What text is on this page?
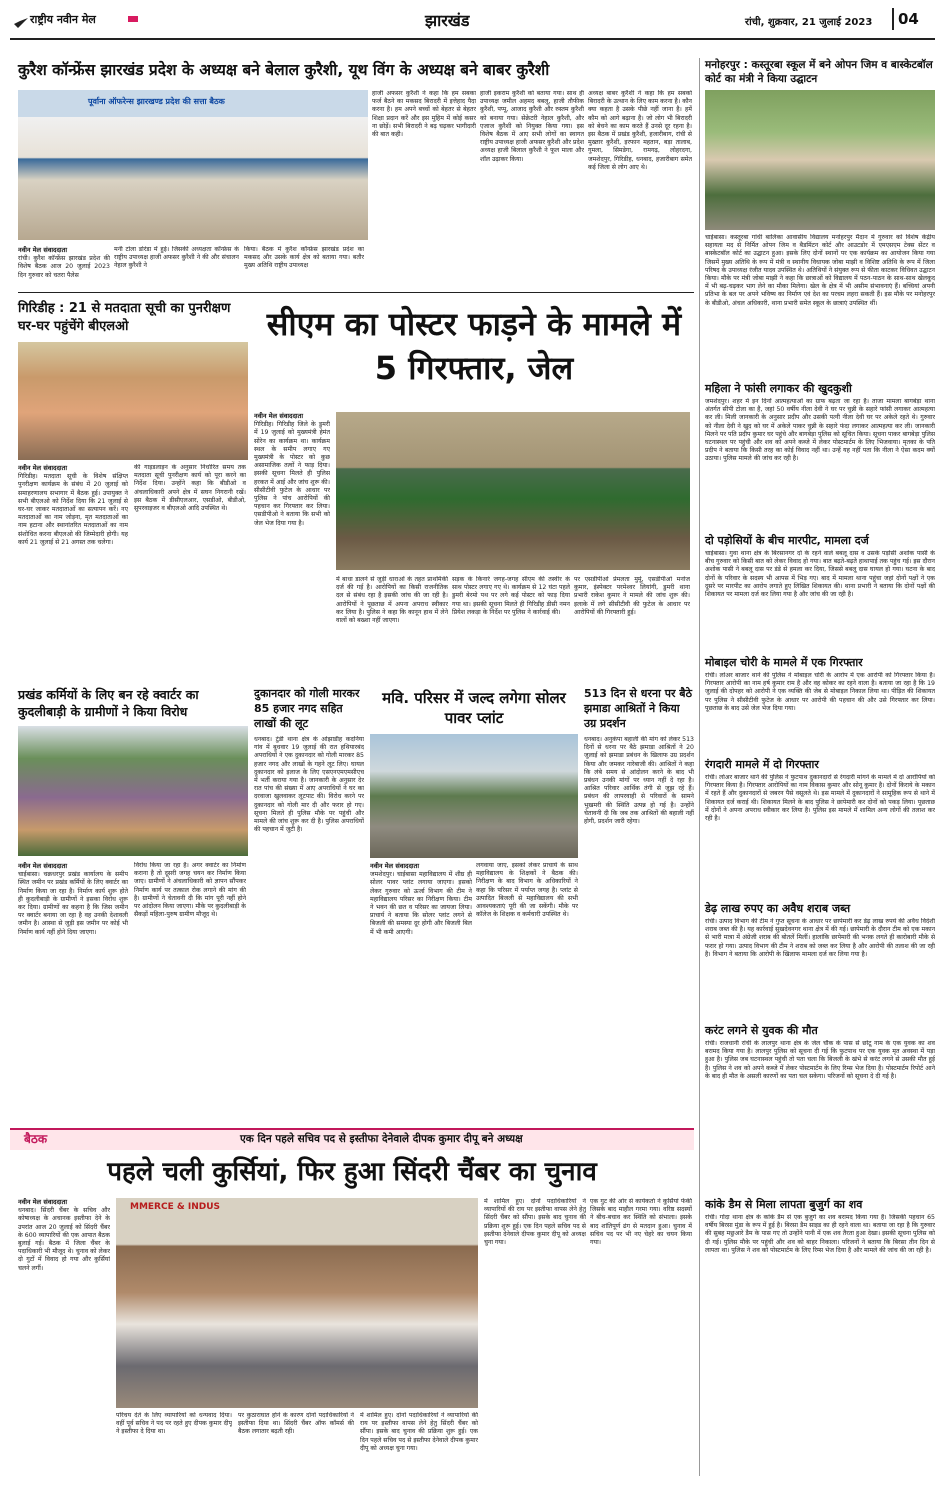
राष्ट्रीय नवीन मेल	झारखंड	रांची, शुक्रवार, 21 जुलाई 2023 04
कुरैश कॉन्फ्रेंस झारखंड प्रदेश के अध्यक्ष बने बेलाल कुरैशी, यूथ विंग के अध्यक्ष बने बाबर कुरैशी
पूर्वाना ऑफरेन्स झारखण्ड प्रदेश की सत्ता बैठक
नवीन मेल संवाददाता
रांची। कुरैश कॉन्फ्रेंस झारखंड प्रदेश की विशेष बैठक आज 20 जुलाई 2023 दिन गुरुवार को चतरा पैलेस
मनी टोला डोरंडा में हुई। जिसकी अध्यक्षता कॉन्फ्रेंस के राष्ट्रीय उपाध्यक्ष हाजी अफसर कुरैशी ने की और संचालन नेहाल कुरैशी ने
किया। बैठक में कुरैश कॉन्फ्रेंस झारखंड प्रदेश का मकसद और उसके कार्य क्षेत्र को बताया गया। बतौर मुख्य अतिथि राष्ट्रीय उपाध्यक्ष
हाजी अफसर कुरैशी ने कहा कि हम सबका फर्ज बैठने का मकसद बिरादरी में इत्तेहाद पैदा करना है। हम अपने बच्चों को बेहतर से बेहतर शिक्षा प्रदान करें और इस मुहिम में कोई कसर ना छोड़ें। सभी बिरादरी ने बढ़ चढ़कर भागीदारी की बात कही।
हाजी इकराम कुरैशी को बताया गया। साथ ही उपाध्यक्ष जमील अहमद बबलू, हाजी तौफीक कुरैशी, पप्पू, आजाद कुरैशी और रुस्तम कुरैशी को बनाया गया। सेक्रेटरी नेहाल कुरैशी, और एजाज कुरैशी को नियुक्त किया गया। इस विशेष बैठक में आए सभी लोगों का स्वागत राष्ट्रीय उपाध्यक्ष हाजी अफसर कुरैशी और प्रदेश अध्यक्ष हाजी बिलाल कुरैशी ने फूल माला और शॉल उढ़ाकर किया।
अध्यक्ष बाबर कुरैशी ने कहा कि हम सबको बिरादरी के उत्थान के लिए काम करना है। कौन क्या कहता है उसके पीछे नहीं जाना है। हमें कौम को आगे बढ़ाना है। जो लोग भी बिरादरी को बेचने का काम करते हैं उनसे दूर रहना है। इस बैठक में प्रखंड कुरैशी, हजारीबाग, रांची से मुख्तार कुरैशी, इरफान महतान, बड़ा तालाब, गुमला, सिमडेगा, रामगढ़, लोहरदगा, जमशेदपुर, गिरिडीह, धनबाद, हजारीबाग समेत कई जिला से लोग आए थे।
गिरिडीह : 21 से मतदाता सूची का पुनरीक्षण घर-घर पहुंचेंगे बीएलओ
नवीन मेल संवाददाता
गिरिडीह। मतदाता सूची के विशेष संक्षिप्त पुनरीक्षण कार्यक्रम के संबंध में 20 जुलाई को समाहरणालय सभागार में बैठक हुई। उपायुक्त ने सभी बीएलओ को निर्देश दिया कि 21 जुलाई से घर-घर जाकर मतदाताओं का सत्यापन करें। नए मतदाताओं का नाम जोड़ना, मृत मतदाताओं का नाम हटाना और स्थानांतरित मतदाताओं का नाम संशोधित करना बीएलओ की जिम्मेदारी होगी। यह कार्य 21 जुलाई से 21 अगस्त तक चलेगा।
की गाइडलाइन के अनुसार निर्धारित समय तक मतदाता सूची पुनरीक्षण कार्य को पूरा करने का निर्देश दिया। उन्होंने कहा कि बीडीओ व अंचलाधिकारी अपने क्षेत्र में सघन निगरानी रखें। इस बैठक में डीसीएलआर, एसडीओ, बीडीओ, सुपरवाइजर व बीएलओ आदि उपस्थित थे।
सीएम का पोस्टर फाड़ने के मामले में 5 गिरफ्तार, जेल
नवीन मेल संवाददाता
गिरिडीह। गिरिडीह जिले के डुमरी में 19 जुलाई को मुख्यमंत्री हेमंत सोरेन का कार्यक्रम था। कार्यक्रम स्थल के समीप लगाए गए मुख्यमंत्री के पोस्टर को कुछ असामाजिक तत्वों ने फाड़ दिया। इसकी सूचना मिलते ही पुलिस हरकत में आई और जांच शुरू की। सीसीटीवी फुटेज के आधार पर पुलिस ने पांच आरोपियों की पहचान कर गिरफ्तार कर लिया। एसडीपीओ ने बताया कि सभी को जेल भेज दिया गया है।
में बाधा डालने से जुड़ी धाराओं के तहत प्राथमिकी दर्ज की गई है। आरोपियों का किसी राजनीतिक दल से संबंध रहा है इसकी जांच की जा रही है। आरोपियों ने पूछताछ में अपना अपराध स्वीकार कर लिया है। पुलिस ने कहा कि कानून हाथ में लेने वालों को बख्शा नहीं जाएगा।
सड़क के किनारे जगह-जगह सीएम की तस्वीर के साथ पोस्टर लगाए गए थे। कार्यक्रम से 12 घंटा पहले डुमरी बेरमो पथ पर लगे कई पोस्टर को फाड़ दिया गया था। इसकी सूचना मिलते ही गिरिडीह डीसी नमन प्रियेश लकड़ा के निर्देश पर पुलिस ने कार्रवाई की।
पर एसडीपीओ प्रेमलता मुर्मू, एसडीपीओ मनोज कुमार, इंस्पेक्टर परमेश्वर लियांगी, डुमरी थाना प्रभारी राकेश कुमार ने मामले की जांच शुरू की। इलाके में लगे सीसीटीवी की फुटेज के आधार पर आरोपियों की गिरफ्तारी हुई।
प्रखंड कर्मियों के लिए बन रहे क्वार्टर का कुदलीबाड़ी के ग्रामीणों ने किया विरोध
नवीन मेल संवाददाता
चाईबासा। चक्रधरपुर प्रखंड कार्यालय के समीप स्थित जमीन पर प्रखंड कर्मियों के लिए क्वार्टर का निर्माण किया जा रहा है। निर्माण कार्य शुरू होते ही कुदलीबाड़ी के ग्रामीणों ने इसका विरोध शुरू कर दिया। ग्रामीणों का कहना है कि जिस जमीन पर क्वार्टर बनाया जा रहा है वह उनकी देशावली जमीन है। आस्था से जुड़ी इस जमीन पर कोई भी निर्माण कार्य नहीं होने दिया जाएगा।
विरोध किया जा रहा है। अगर क्वार्टर का निर्माण कराना है तो दूसरी जगह चयन कर निर्माण किया जाए। ग्रामीणों ने अंचलाधिकारी को ज्ञापन सौंपकर निर्माण कार्य पर तत्काल रोक लगाने की मांग की है। ग्रामीणों ने चेतावनी दी कि मांग पूरी नहीं होने पर आंदोलन किया जाएगा। मौके पर कुदलीबाड़ी के सैकड़ों महिला-पुरुष ग्रामीण मौजूद थे।
दुकानदार को गोली मारकर 85 हजार नगद सहित लाखों की लूट
धनबाद। टुंडी थाना क्षेत्र के ओझाडीह कदनिया गांव में बुधवार 19 जुलाई की रात हथियारबंद अपराधियों ने एक दुकानदार को गोली मारकर 85 हजार नगद और लाखों के गहने लूट लिए। घायल दुकानदार को इलाज के लिए एसएनएमएमसीएच में भर्ती कराया गया है। जानकारी के अनुसार देर रात पांच की संख्या में आए अपराधियों ने घर का दरवाजा खुलवाकर लूटपाट की। विरोध करने पर दुकानदार को गोली मार दी और फरार हो गए। सूचना मिलते ही पुलिस मौके पर पहुंची और मामले की जांच शुरू कर दी है। पुलिस अपराधियों की पहचान में जुटी है।
मवि. परिसर में जल्द लगेगा सोलर पावर प्लांट
नवीन मेल संवाददाता
जमशेदपुर। चाईबासा महाविद्यालय में शीघ्र ही सोलर पावर प्लांट लगाया जाएगा। इसको लेकर गुरुवार को ऊर्जा विभाग की टीम ने महाविद्यालय परिसर का निरीक्षण किया। टीम ने भवन की छत व परिसर का जायजा लिया। प्राचार्य ने बताया कि सोलर प्लांट लगने से बिजली की समस्या दूर होगी और बिजली बिल में भी कमी आएगी।
लगवाया जाए, इसको लेकर प्राचार्य के साथ महाविद्यालय के शिक्षकों ने बैठक की। निरीक्षण के बाद विभाग के अधिकारियों ने कहा कि परिसर में पर्याप्त जगह है। प्लांट से उत्पादित बिजली से महाविद्यालय की सभी आवश्यकताएं पूरी की जा सकेंगी। मौके पर कॉलेज के शिक्षक व कर्मचारी उपस्थित थे।
513 दिन से धरना पर बैठे झमाडा आश्रितों ने किया उग्र प्रदर्शन
धनबाद। अनुकंपा बहाली की मांग को लेकर 513 दिनों से धरना पर बैठे झमाडा आश्रितों ने 20 जुलाई को झमाडा प्रबंधन के खिलाफ उग्र प्रदर्शन किया और जमकर नारेबाजी की। आश्रितों ने कहा कि लंबे समय से आंदोलन करने के बाद भी प्रबंधन उनकी मांगों पर ध्यान नहीं दे रहा है। आश्रित परिवार आर्थिक तंगी से जूझ रहे हैं। प्रबंधन की लापरवाही से परिवारों के सामने भुखमरी की स्थिति उत्पन्न हो गई है। उन्होंने चेतावनी दी कि जब तक आश्रितों की बहाली नहीं होगी, प्रदर्शन जारी रहेगा।
बैठक	एक दिन पहले सचिव पद से इस्तीफा देनेवाले दीपक कुमार दीपू बने अध्यक्ष
पहले चली कुर्सियां, फिर हुआ सिंदरी चैंबर का चुनाव
नवीन मेल संवाददाता
धनबाद। सिंदरी चैंबर के सचिव और कोषाध्यक्ष के अचानक इस्तीफा देने के उपरांत आज 20 जुलाई को सिंदरी चैंबर के 600 व्यापारियों की एक आपात बैठक बुलाई गई। बैठक में जिला चैंबर के पदाधिकारी भी मौजूद थे। चुनाव को लेकर दो गुटों में विवाद हो गया और कुर्सियां चलने लगीं।
MMERCE & INDUS
परिचय देते के लिए व्यापारियों को धन्यवाद दिया। वहीं पूर्व सचिव ने पद पर रहते हुए दीपक कुमार दीपू ने इस्तीफा दे दिया था।
पर कुठाराघात होने के कारण दोनों पदाधिकारियों ने इस्तीफा दिया था। सिंदरी चैंबर ऑफ कॉमर्स की बैठक लगातार बढ़ती रही।
में शामिल हुए। दोनों पदाधिकारियों ने व्यापारियों की राय पर इस्तीफा वापस लेने हेतु सिंदरी चैंबर को सौंपा। इसके बाद चुनाव की प्रक्रिया शुरू हुई। एक दिन पहले सचिव पद से इस्तीफा देनेवाले दीपक कुमार दीपू को अध्यक्ष चुना गया।
में शामिल हुए। दोनों पदाधिकारियों ने व्यापारियों की राय पर इस्तीफा वापस लेने हेतु सिंदरी चैंबर को सौंपा। इसके बाद चुनाव की प्रक्रिया शुरू हुई। एक दिन पहले सचिव पद से इस्तीफा देनेवाले दीपक कुमार दीपू को अध्यक्ष चुना गया।
एक गुट की ओर से कार्यकर्ता ने कुर्सियां फेंकीं जिसके बाद माहौल गरमा गया। वरिष्ठ सदस्यों ने बीच-बचाव कर स्थिति को संभाला। इसके बाद शांतिपूर्ण ढंग से मतदान हुआ। चुनाव में सचिव पद पर भी नए चेहरे का चयन किया गया।
मनोहरपुर : कस्तूरबा स्कूल में बने ओपन जिम व बास्केटबॉल कोर्ट का मंत्री ने किया उद्घाटन
चाईबासा। कस्तूरबा गांधी बालिका आवासीय विद्यालय मनोहरपुर मैदान में गुरुवार को विशेष केंद्रीय सहायता मद से निर्मित ओपन जिम व बैडमिंटन कोर्ट और आउटडोर में एमएसएम टेक्स सेंटर व बास्केटबॉल कोर्ट का उद्घाटन हुआ। इसके लिए दोनों स्थानों पर एक कार्यक्रम का आयोजन किया गया जिसमें मुख्य अतिथि के रूप में मंत्री व स्थानीय विधायक जोबा माझी व विशिष्ट अतिथि के रूप में जिला परिषद के उपाध्यक्ष रंजीत यादव उपस्थित थे। अतिथियों ने संयुक्त रूप से फीता काटकर विधिवत उद्घाटन किया। मौके पर मंत्री जोबा माझी ने कहा कि छात्राओं को विद्यालय में पठन-पाठन के साथ-साथ खेलकूद में भी बढ़-चढ़कर भाग लेने का मौका मिलेगा। खेल के क्षेत्र में भी असीम संभावनाएं हैं। बच्चियां अपनी प्रतिभा के बल पर अपने भविष्य का निर्माण एवं देश का परचम लहरा सकती हैं। इस मौके पर मनोहरपुर के बीडीओ, अंचल अधिकारी, थाना प्रभारी समेत स्कूल के छात्राएं उपस्थित थीं।
महिला ने फांसी लगाकर की खुदकुशी
जमशेदपुर। शहर में इन दिनों आत्महत्याओं का ग्राफ बढ़ता जा रहा है। ताजा मामला बागबेड़ा थाना अंतर्गत सीपी टोला का है, जहां 50 वर्षीय नीला देवी ने घर पर चुन्नी के सहारे फांसी लगाकर आत्महत्या कर ली। मिली जानकारी के अनुसार प्रदीप और उसकी पत्नी नीला देवी घर पर अकेले रहते थे। गुरुवार को नीला देवी ने खुद को घर में अकेले पाकर चुन्नी के सहारे फंदा लगाकर आत्महत्या कर ली। जानकारी मिलने पर पति प्रदीप कुमार घर पहुंचे और बागबेड़ा पुलिस को सूचित किया। सूचना पाकर बागबेड़ा पुलिस घटनास्थल पर पहुंची और शव को अपने कब्जे में लेकर पोस्टमार्टम के लिए भिजवाया। मृतका के पति प्रदीप ने बताया कि किसी तरह का कोई विवाद नहीं था। उन्हें यह नहीं पता कि नीला ने ऐसा कदम क्यों उठाया। पुलिस मामले की जांच कर रही है।
दो पड़ोसियों के बीच मारपीट, मामला दर्ज
चाईबासा। गुवा थाना क्षेत्र के बिरसानगर दो के रहने वाले बबलू दास व उसके पड़ोसी अशोक पासी के बीच गुरुवार को किसी बात को लेकर विवाद हो गया। बात बढ़ते-बढ़ते हाथापाई तक पहुंच गई। इस दौरान अशोक पासी ने बबलू दास पर डंडे से हमला कर दिया, जिससे बबलू दास घायल हो गया। घटना के बाद दोनों के परिवार के सदस्य भी आपस में भिड़ गए। बाद में मामला थाना पहुंचा जहां दोनों पक्षों ने एक दूसरे पर मारपीट का आरोप लगाते हुए लिखित शिकायत की। थाना प्रभारी ने बताया कि दोनों पक्षों की शिकायत पर मामला दर्ज कर लिया गया है और जांच की जा रही है।
मोबाइल चोरी के मामले में एक गिरफ्तार
रांची। लोअर बाजार थाने की पुलिस ने मोबाइल चोरी के आरोप में एक आरोपी को गिरफ्तार किया है। गिरफ्तार आरोपी का नाम हर्ष कुमार राम है और वह कोकर का रहने वाला है। बताया जा रहा है कि 19 जुलाई की दोपहर को आरोपी ने एक व्यक्ति की जेब से मोबाइल निकाल लिया था। पीड़ित की शिकायत पर पुलिस ने सीसीटीवी फुटेज के आधार पर आरोपी की पहचान की और उसे गिरफ्तार कर लिया। पूछताछ के बाद उसे जेल भेज दिया गया।
रंगदारी मामले में दो गिरफ्तार
रांची। लोअर बाजार थाने की पुलिस ने फुटपाथ दुकानदारों से रंगदारी मांगने के मामले में दो आरोपियों को गिरफ्तार किया है। गिरफ्तार आरोपियों का नाम विकास कुमार और सोनू कुमार है। दोनों किराये के मकान में रहते हैं और दुकानदारों से जबरन पैसे वसूलते थे। इस मामले में दुकानदारों ने सामूहिक रूप से थाने में शिकायत दर्ज कराई थी। शिकायत मिलने के बाद पुलिस ने छापेमारी कर दोनों को पकड़ लिया। पूछताछ में दोनों ने अपना अपराध स्वीकार कर लिया है। पुलिस इस मामले में शामिल अन्य लोगों की तलाश कर रही है।
डेढ़ लाख रुपए का अवैध शराब जब्त
रांची। उत्पाद विभाग की टीम ने गुप्त सूचना के आधार पर छापेमारी कर डेढ़ लाख रुपये की अवैध विदेशी शराब जब्त की है। यह कार्रवाई सुखदेवनगर थाना क्षेत्र में की गई। छापेमारी के दौरान टीम को एक मकान से भारी मात्रा में अंग्रेजी शराब की बोतलें मिलीं। हालांकि छापेमारी की भनक लगते ही कारोबारी मौके से फरार हो गया। उत्पाद विभाग की टीम ने शराब को जब्त कर लिया है और आरोपी की तलाश की जा रही है। विभाग ने बताया कि आरोपी के खिलाफ मामला दर्ज कर लिया गया है।
करंट लगने से युवक की मौत
रांची। राजधानी रांची के लालपुर थाना क्षेत्र के जेल चौक के पास से छोटू नाम के एक युवक का शव बरामद किया गया है। लालपुर पुलिस को सूचना दी गई कि फुटपाथ पर एक युवक मृत अवस्था में पड़ा हुआ है। पुलिस जब घटनास्थल पहुंची तो पता चला कि बिजली के खंभे से करंट लगने से उसकी मौत हुई है। पुलिस ने शव को अपने कब्जे में लेकर पोस्टमार्टम के लिए रिम्स भेज दिया है। पोस्टमार्टम रिपोर्ट आने के बाद ही मौत के असली कारणों का पता चल सकेगा। परिजनों को सूचना दे दी गई है।
कांके डैम से मिला लापता बुजुर्ग का शव
रांची। गोंदा थाना क्षेत्र के कांके डैम से एक बुजुर्ग का शव बरामद किया गया है। जिसकी पहचान 65 वर्षीय बिरसा मुंडा के रूप में हुई है। बिरसा डैम साइड का ही रहने वाला था। बताया जा रहा है कि गुरुवार की सुबह मछुआरे डैम के पास गए तो उन्होंने पानी में एक शव तैरता हुआ देखा। इसकी सूचना पुलिस को दी गई। पुलिस मौके पर पहुंची और शव को बाहर निकाला। परिजनों ने बताया कि बिरसा तीन दिन से लापता था। पुलिस ने शव को पोस्टमार्टम के लिए रिम्स भेज दिया है और मामले की जांच की जा रही है।
